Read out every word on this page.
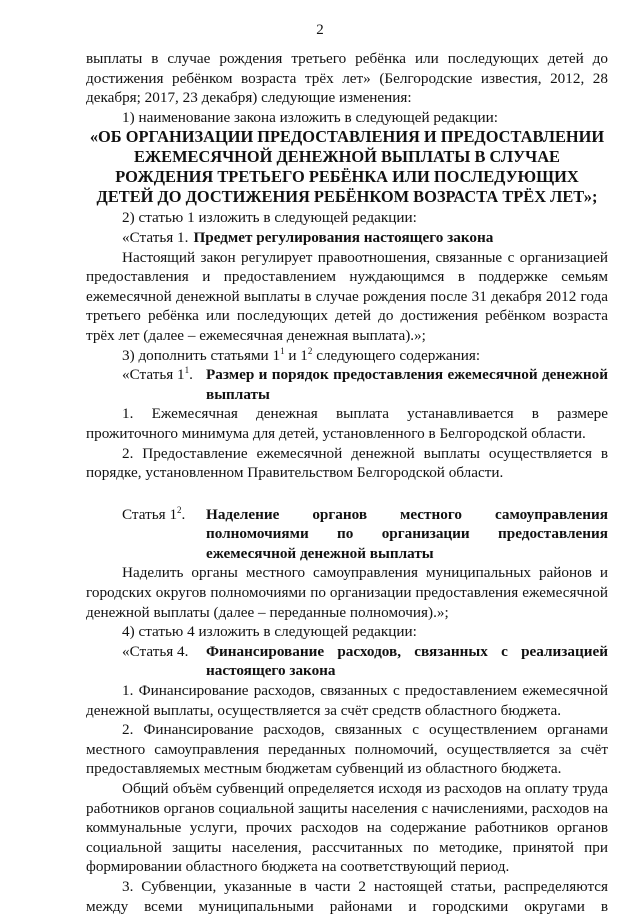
2

выплаты в случае рождения третьего ребёнка или последующих детей до достижения ребёнком возраста трёх лет» (Белгородские известия, 2012, 28 декабря; 2017, 23 декабря) следующие изменения:

1) наименование закона изложить в следующей редакции:

«ОБ ОРГАНИЗАЦИИ ПРЕДОСТАВЛЕНИЯ И ПРЕДОСТАВЛЕНИИ ЕЖЕМЕСЯЧНОЙ ДЕНЕЖНОЙ ВЫПЛАТЫ В СЛУЧАЕ РОЖДЕНИЯ ТРЕТЬЕГО РЕБЁНКА ИЛИ ПОСЛЕДУЮЩИХ ДЕТЕЙ ДО ДОСТИЖЕНИЯ РЕБЁНКОМ ВОЗРАСТА ТРЁХ ЛЕТ»;

2) статью 1 изложить в следующей редакции:

«Статья 1. Предмет регулирования настоящего закона

Настоящий закон регулирует правоотношения, связанные с организацией предоставления и предоставлением нуждающимся в поддержке семьям ежемесячной денежной выплаты в случае рождения после 31 декабря 2012 года третьего ребёнка или последующих детей до достижения ребёнком возраста трёх лет (далее – ежемесячная денежная выплата).»;

3) дополнить статьями $1^1$ и $1^2$ следующего содержания:

«Статья $1^1$. Размер и порядок предоставления ежемесячной денежной выплаты

1. Ежемесячная денежная выплата устанавливается в размере прожиточного минимума для детей, установленного в Белгородской области.

2. Предоставление ежемесячной денежной выплаты осуществляется в порядке, установленном Правительством Белгородской области.

Статья $1^2$.	Наделение органов местного самоуправления полномочиями по организации предоставления ежемесячной денежной выплаты

Наделить органы местного самоуправления муниципальных районов и городских округов полномочиями по организации предоставления ежемесячной денежной выплаты (далее – переданные полномочия).»;

4) статью 4 изложить в следующей редакции:

«Статья 4.	Финансирование расходов, связанных с реализацией настоящего закона

1. Финансирование расходов, связанных с предоставлением ежемесячной денежной выплаты, осуществляется за счёт средств областного бюджета.

2. Финансирование расходов, связанных с осуществлением органами местного самоуправления переданных полномочий, осуществляется за счёт предоставляемых местным бюджетам субвенций из областного бюджета.

Общий объём субвенций определяется исходя из расходов на оплату труда работников органов социальной защиты населения с начислениями, расходов на коммунальные услуги, прочих расходов на содержание работников органов социальной защиты населения, рассчитанных по методике, принятой при формировании областного бюджета на соответствующий период.

3. Субвенции, указанные в части 2 настоящей статьи, распределяются между всеми муниципальными районами и городскими округами в
